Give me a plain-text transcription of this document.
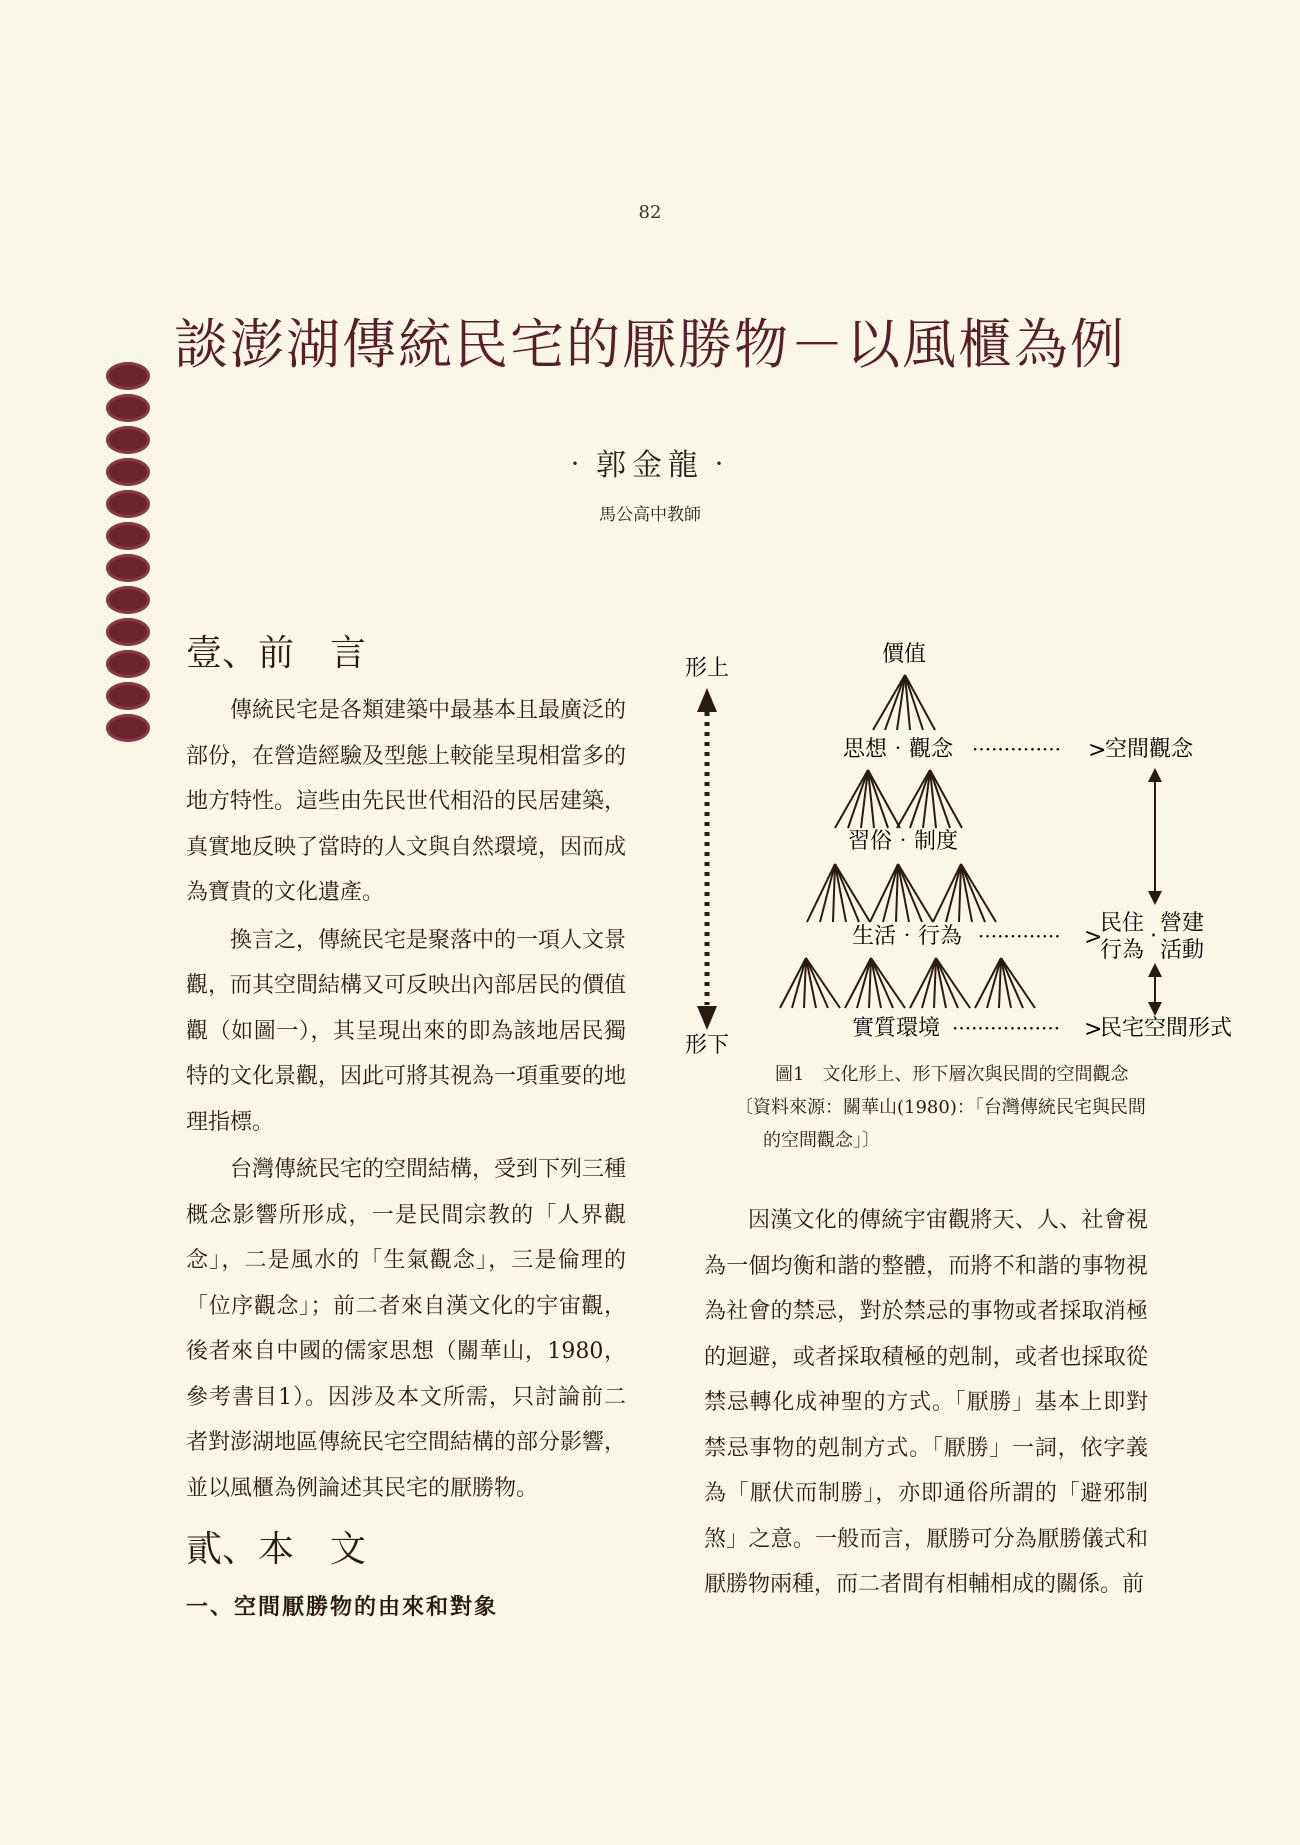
82
談澎湖傳統民宅的厭勝物－以風櫃為例
‧郭金龍‧
馬公高中教師
壹、前　言

傳統民宅是各類建築中最基本且最廣泛的部份，在營造經驗及型態上較能呈現相當多的地方特性。這些由先民世代相沿的民居建築，真實地反映了當時的人文與自然環境，因而成為寶貴的文化遺產。

換言之，傳統民宅是聚落中的一項人文景觀，而其空間結構又可反映出內部居民的價值觀（如圖一），其呈現出來的即為該地居民獨特的文化景觀，因此可將其視為一項重要的地理指標。

台灣傳統民宅的空間結構，受到下列三種概念影響所形成，一是民間宗教的「人界觀念」，二是風水的「生氣觀念」，三是倫理的「位序觀念」；前二者來自漢文化的宇宙觀，後者來自中國的儒家思想（關華山，1980，參考書目1）。因涉及本文所需，只討論前二者對澎湖地區傳統民宅空間結構的部分影響，並以風櫃為例論述其民宅的厭勝物。

貳、本　文
一、空間厭勝物的由來和對象
形上
形下
價值
思想‧觀念 ·············· >
空間觀念
習俗‧制度
生活‧行為 ············· >
民住
行為
‧
營建
活動
實質環境 ················· >
民宅空間形式
圖1　文化形上、形下層次與民間的空間觀念
〔資料來源：關華山(1980)：「台灣傳統民宅與民間
的空間觀念」〕

因漢文化的傳統宇宙觀將天、人、社會視為一個均衡和諧的整體，而將不和諧的事物視為社會的禁忌，對於禁忌的事物或者採取消極的迴避，或者採取積極的剋制，或者也採取從禁忌轉化成神聖的方式。「厭勝」基本上即對禁忌事物的剋制方式。「厭勝」一詞，依字義為「厭伏而制勝」，亦即通俗所謂的「避邪制煞」之意。一般而言，厭勝可分為厭勝儀式和厭勝物兩種，而二者間有相輔相成的關係。前
